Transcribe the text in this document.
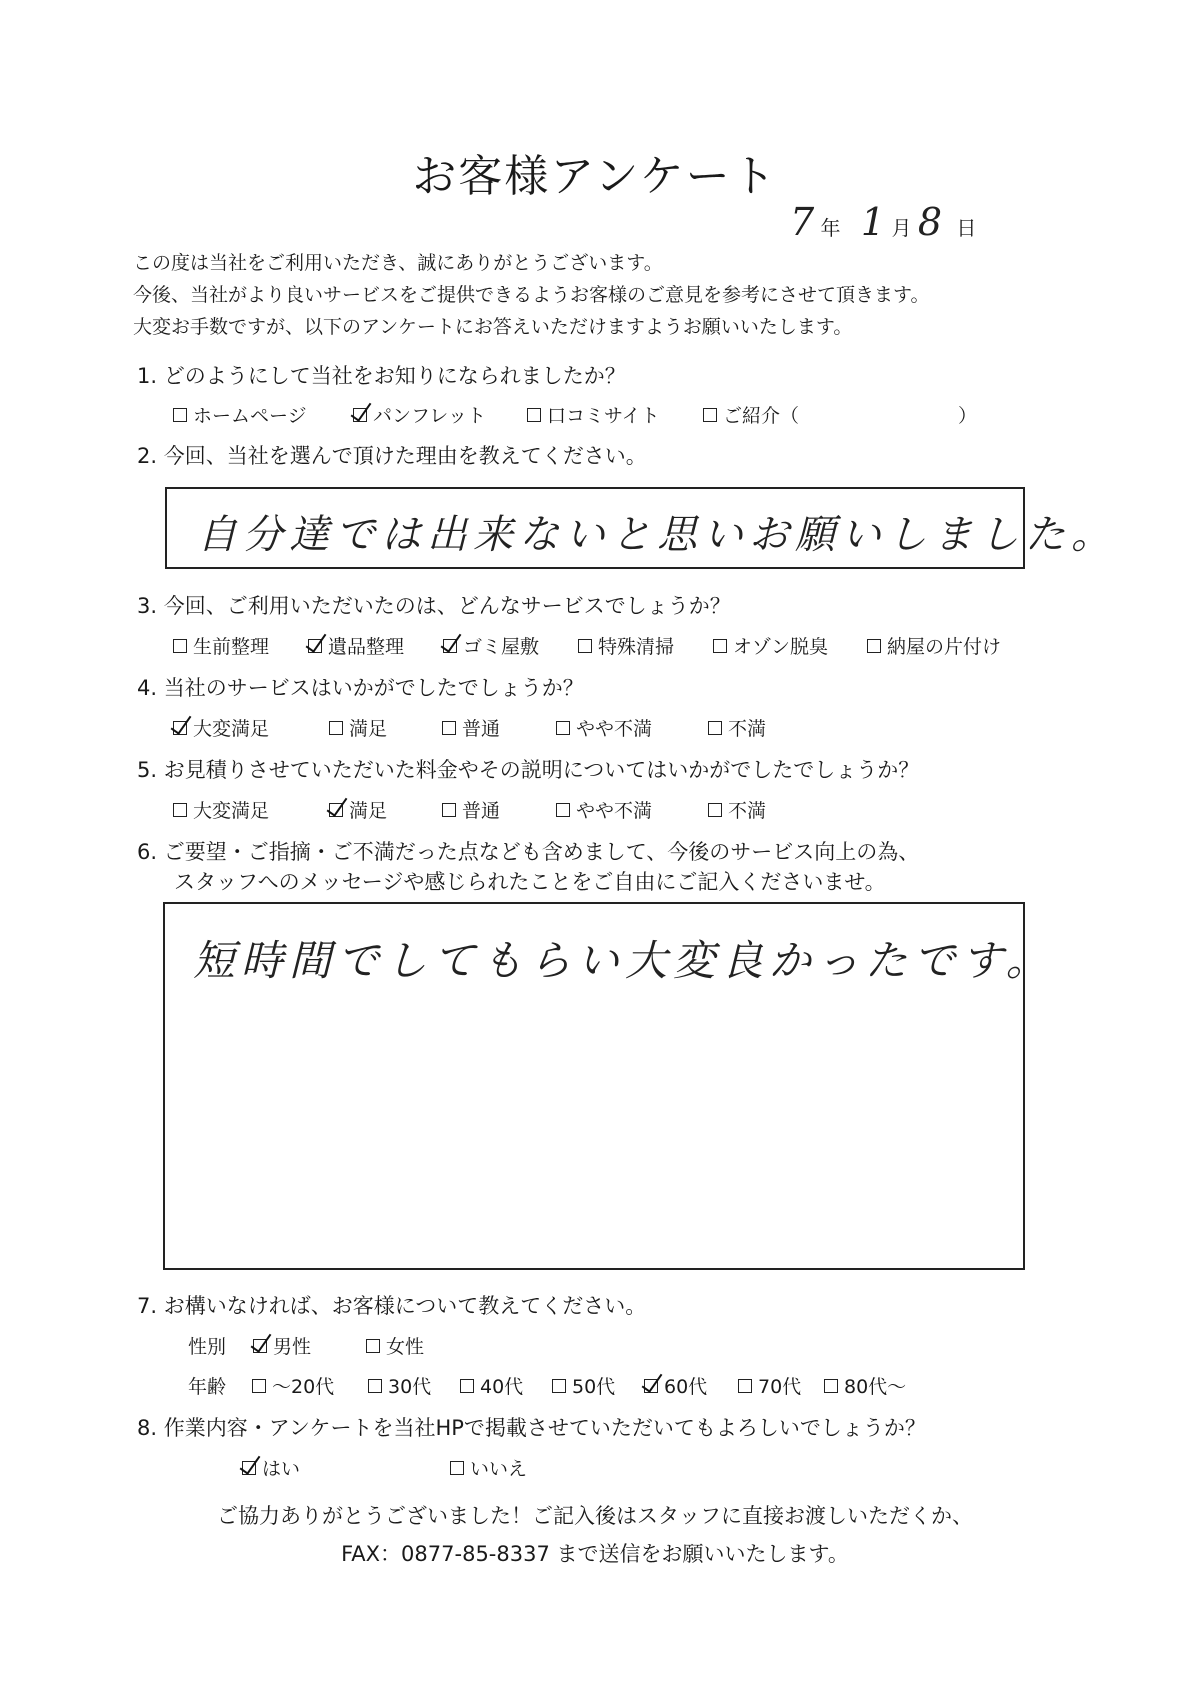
お客様アンケート
7 年 1 月 8 日
この度は当社をご利用いただき、誠にありがとうございます。
今後、当社がより良いサービスをご提供できるようお客様のご意見を参考にさせて頂きます。
大変お手数ですが、以下のアンケートにお答えいただけますようお願いいたします。
1. どのようにして当社をお知りになられましたか？
ホームページ	パンフレット	口コミサイト	ご紹介（	）
2. 今回、当社を選んで頂けた理由を教えてください。
自分達では出来ないと思いお願いしました。
3. 今回、ご利用いただいたのは、どんなサービスでしょうか？
生前整理	遺品整理	ゴミ屋敷	特殊清掃	オゾン脱臭	納屋の片付け
4. 当社のサービスはいかがでしたでしょうか？
大変満足	満足	普通	やや不満	不満
5. お見積りさせていただいた料金やその説明についてはいかがでしたでしょうか？
大変満足	満足	普通	やや不満	不満
6. ご要望・ご指摘・ご不満だった点なども含めまして、今後のサービス向上の為、
スタッフへのメッセージや感じられたことをご自由にご記入くださいませ。
短時間でしてもらい大変良かったです。
7. お構いなければ、お客様について教えてください。
性別 男性	女性
年齢 ～20代	30代	40代	50代	60代	70代 80代～
8. 作業内容・アンケートを当社HPで掲載させていただいてもよろしいでしょうか？
はい	いいえ
ご協力ありがとうございました！ご記入後はスタッフに直接お渡しいただくか、
FAX：0877-85-8337 まで送信をお願いいたします。
